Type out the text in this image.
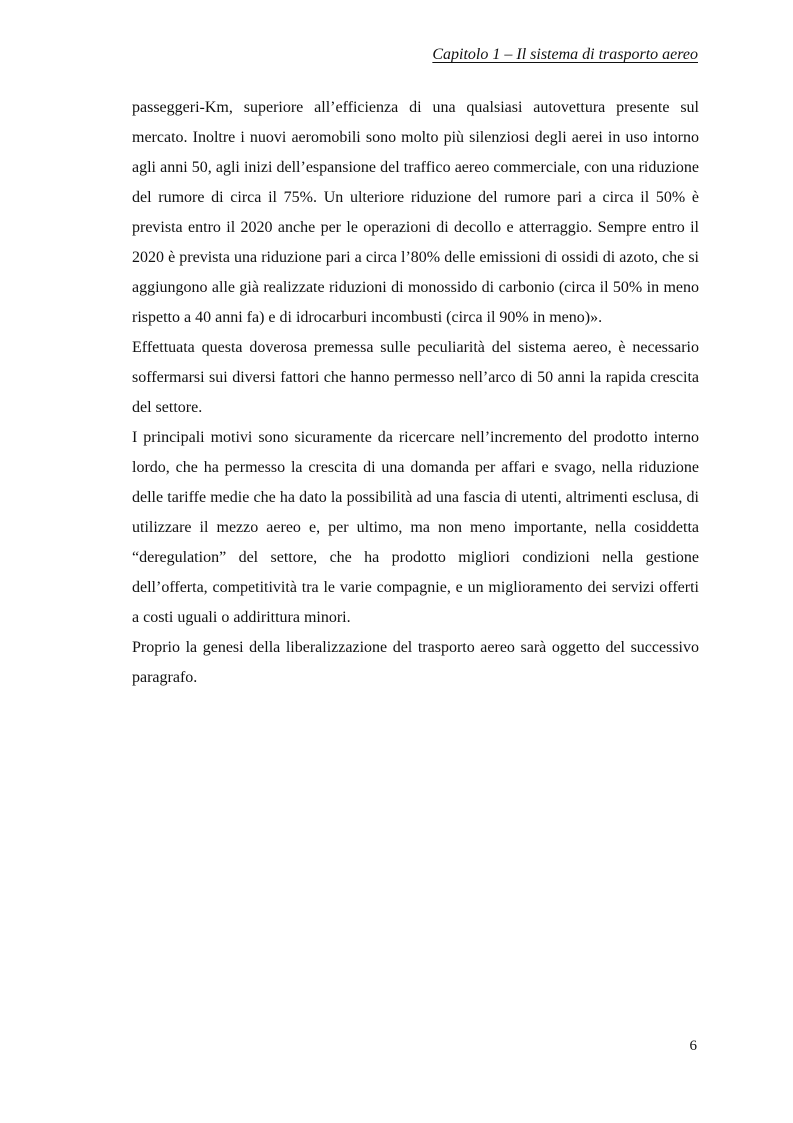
Capitolo 1 – Il sistema di trasporto aereo

passeggeri-Km, superiore all’efficienza di una qualsiasi autovettura presente sul mercato. Inoltre i nuovi aeromobili sono molto più silenziosi degli aerei in uso intorno agli anni 50, agli inizi dell’espansione del traffico aereo commerciale, con una riduzione del rumore di circa il 75%. Un ulteriore riduzione del rumore pari a circa il 50% è prevista entro il 2020 anche per le operazioni di decollo e atterraggio. Sempre entro il 2020 è prevista una riduzione pari a circa l’80% delle emissioni di ossidi di azoto, che si aggiungono alle già realizzate riduzioni di monossido di carbonio (circa il 50% in meno rispetto a 40 anni fa) e di idrocarburi incombusti (circa il 90% in meno)».

Effettuata questa doverosa premessa sulle peculiarità del sistema aereo, è necessario soffermarsi sui diversi fattori che hanno permesso nell’arco di 50 anni la rapida crescita del settore.

I principali motivi sono sicuramente da ricercare nell’incremento del prodotto interno lordo, che ha permesso la crescita di una domanda per affari e svago, nella riduzione delle tariffe medie che ha dato la possibilità ad una fascia di utenti, altrimenti esclusa, di utilizzare il mezzo aereo e, per ultimo, ma non meno importante, nella cosiddetta “deregulation” del settore, che ha prodotto migliori condizioni nella gestione dell’offerta, competitività tra le varie compagnie, e un miglioramento dei servizi offerti a costi uguali o addirittura minori.

Proprio la genesi della liberalizzazione del trasporto aereo sarà oggetto del successivo paragrafo.

6
